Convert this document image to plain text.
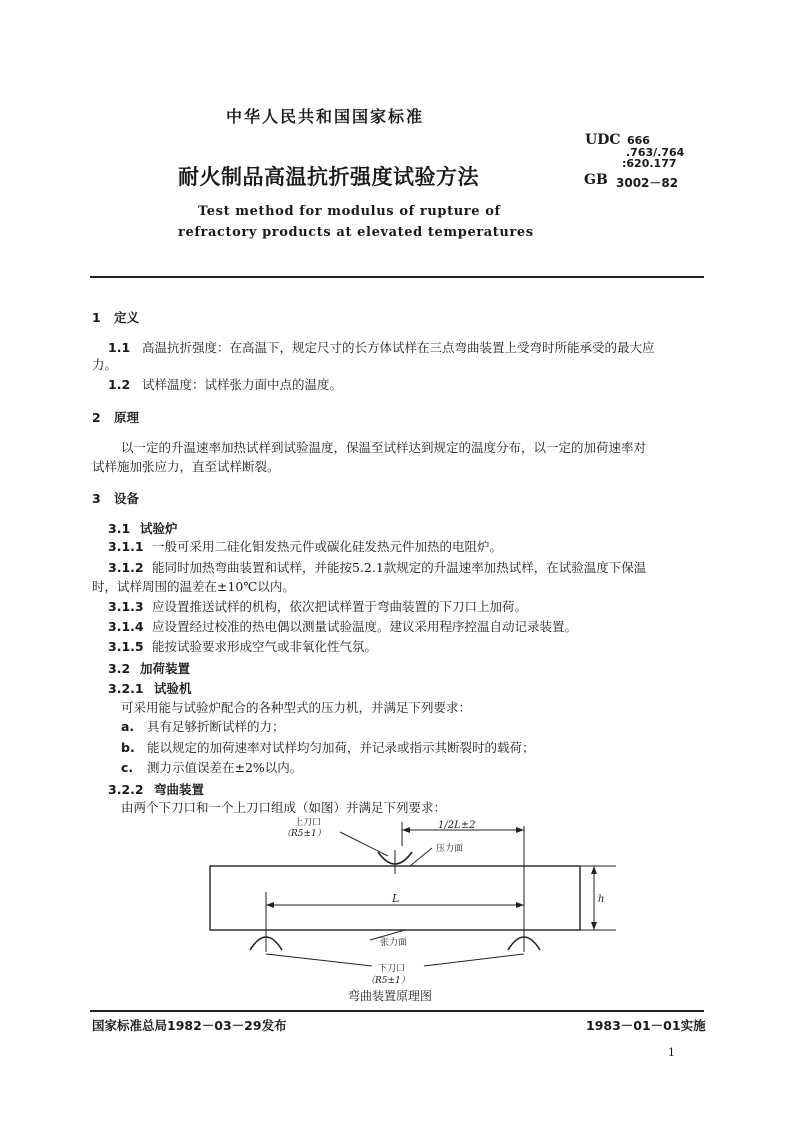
中华人民共和国国家标准
耐火制品高温抗折强度试验方法
Test method for modulus of rupture of
refractory products at elevated temperatures
UDC 666
.763/.764
:620.177
GB 3002－82
1 定义
1.1 高温抗折强度：在高温下，规定尺寸的长方体试样在三点弯曲装置上受弯时所能承受的最大应
力。
1.2 试样温度：试样张力面中点的温度。
2 原理
以一定的升温速率加热试样到试验温度，保温至试样达到规定的温度分布，以一定的加荷速率对
试样施加张应力，直至试样断裂。
3 设备
3.1 试验炉
3.1.1 一般可采用二硅化钼发热元件或碳化硅发热元件加热的电阻炉。
3.1.2 能同时加热弯曲装置和试样，并能按5.2.1款规定的升温速率加热试样，在试验温度下保温
时，试样周围的温差在±10℃以内。
3.1.3 应设置推送试样的机构，依次把试样置于弯曲装置的下刀口上加荷。
3.1.4 应设置经过校准的热电偶以测量试验温度。建议采用程序控温自动记录装置。
3.1.5 能按试验要求形成空气或非氧化性气氛。
3.2 加荷装置
3.2.1 试验机
可采用能与试验炉配合的各种型式的压力机，并满足下列要求：
a. 具有足够折断试样的力；
b. 能以规定的加荷速率对试样均匀加荷，并记录或指示其断裂时的载荷；
c. 测力示值误差在±2%以内。
3.2.2 弯曲装置
由两个下刀口和一个上刀口组成（如图）并满足下列要求：
上刀口
（R5±1）
1/2L±2
压力面
L	h
张力面
下刀口
（R5±1）
弯曲装置原理图
国家标准总局1982－03－29发布	1983－01－01实施
1
